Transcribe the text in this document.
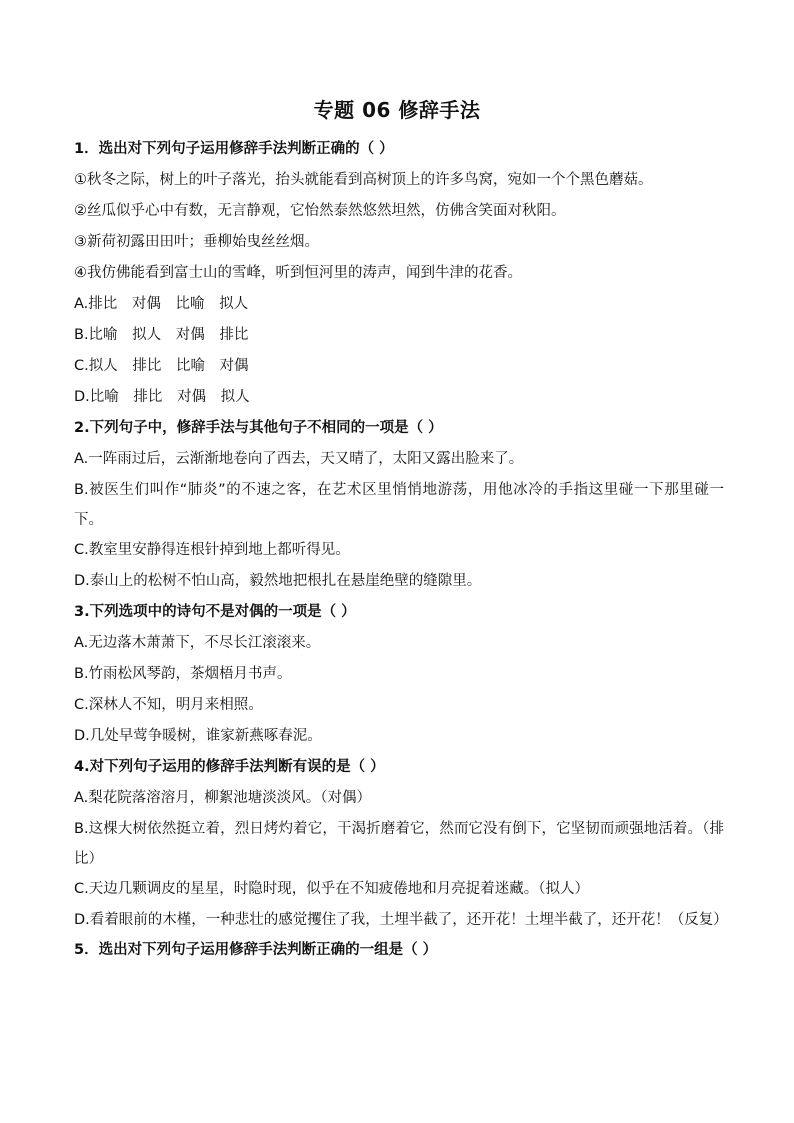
专题 06 修辞手法
1．选出对下列句子运用修辞手法判断正确的（ ）
①秋冬之际，树上的叶子落光，抬头就能看到高树顶上的许多鸟窝，宛如一个个黑色蘑菇。
②丝瓜似乎心中有数，无言静观，它怡然泰然悠然坦然，仿佛含笑面对秋阳。
③新荷初露田田叶；垂柳始曳丝丝烟。
④我仿佛能看到富士山的雪峰，听到恒河里的涛声，闻到牛津的花香。
A.排比 对偶 比喻 拟人
B.比喻 拟人 对偶 排比
C.拟人 排比 比喻 对偶
D.比喻 排比 对偶 拟人
2.下列句子中，修辞手法与其他句子不相同的一项是（ ）
A.一阵雨过后，云渐渐地卷向了西去，天又晴了，太阳又露出脸来了。
B.被医生们叫作“肺炎”的不速之客，在艺术区里悄悄地游荡，用他冰冷的手指这里碰一下那里碰一下。
C.教室里安静得连根针掉到地上都听得见。
D.泰山上的松树不怕山高，毅然地把根扎在悬崖绝壁的缝隙里。
3.下列选项中的诗句不是对偶的一项是（ ）
A.无边落木萧萧下，不尽长江滚滚来。
B.竹雨松风琴韵，茶烟梧月书声。
C.深林人不知，明月来相照。
D.几处早莺争暖树，谁家新燕啄春泥。
4.对下列句子运用的修辞手法判断有误的是（ ）
A.梨花院落溶溶月，柳絮池塘淡淡风。（对偶）
B.这棵大树依然挺立着，烈日烤灼着它，干渴折磨着它，然而它没有倒下，它坚韧而顽强地活着。（排比）
C.天边几颗调皮的星星，时隐时现，似乎在不知疲倦地和月亮捉着迷藏。（拟人）
D.看着眼前的木槿，一种悲壮的感觉攫住了我，土埋半截了，还开花！土埋半截了，还开花！（反复）
5．选出对下列句子运用修辞手法判断正确的一组是（ ）
